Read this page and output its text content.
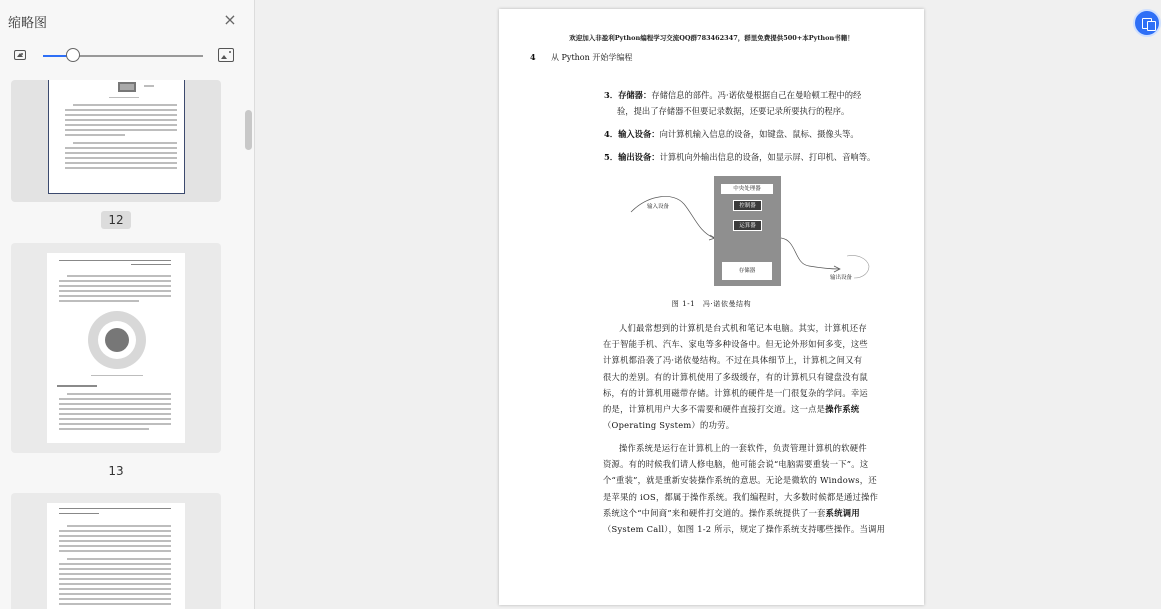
缩略图	×
12
13
欢迎加入非盈利Python编程学习交流QQ群783462347，群里免费提供500+本Python书籍！
4 从 Python 开始学编程
3．存储器：存储信息的部件。冯·诺依曼根据自己在曼哈顿工程中的经
验，提出了存储器不但要记录数据，还要记录所要执行的程序。
4．输入设备：向计算机输入信息的设备，如键盘、鼠标、摄像头等。
5．输出设备：计算机向外输出信息的设备，如显示屏、打印机、音响等。
输入设备
中央处理器
控制器
运算器
存储器
输出设备
图 1-1　冯·诺依曼结构
人们最常想到的计算机是台式机和笔记本电脑。其实，计算机还存
在于智能手机、汽车、家电等多种设备中。但无论外形如何多变，这些
计算机都沿袭了冯·诺依曼结构。不过在具体细节上，计算机之间又有
很大的差别。有的计算机使用了多级缓存，有的计算机只有键盘没有鼠
标，有的计算机用磁带存储。计算机的硬件是一门很复杂的学问。幸运
的是，计算机用户大多不需要和硬件直接打交道。这一点是操作系统
（Operating System）的功劳。
操作系统是运行在计算机上的一套软件，负责管理计算机的软硬件
资源。有的时候我们请人修电脑，他可能会说“电脑需要重装一下”。这
个“重装”，就是重新安装操作系统的意思。无论是微软的 Windows，还
是苹果的 iOS，都属于操作系统。我们编程时，大多数时候都是通过操作
系统这个“中间商”来和硬件打交道的。操作系统提供了一套系统调用
（System Call），如图 1-2 所示，规定了操作系统支持哪些操作。当调用
